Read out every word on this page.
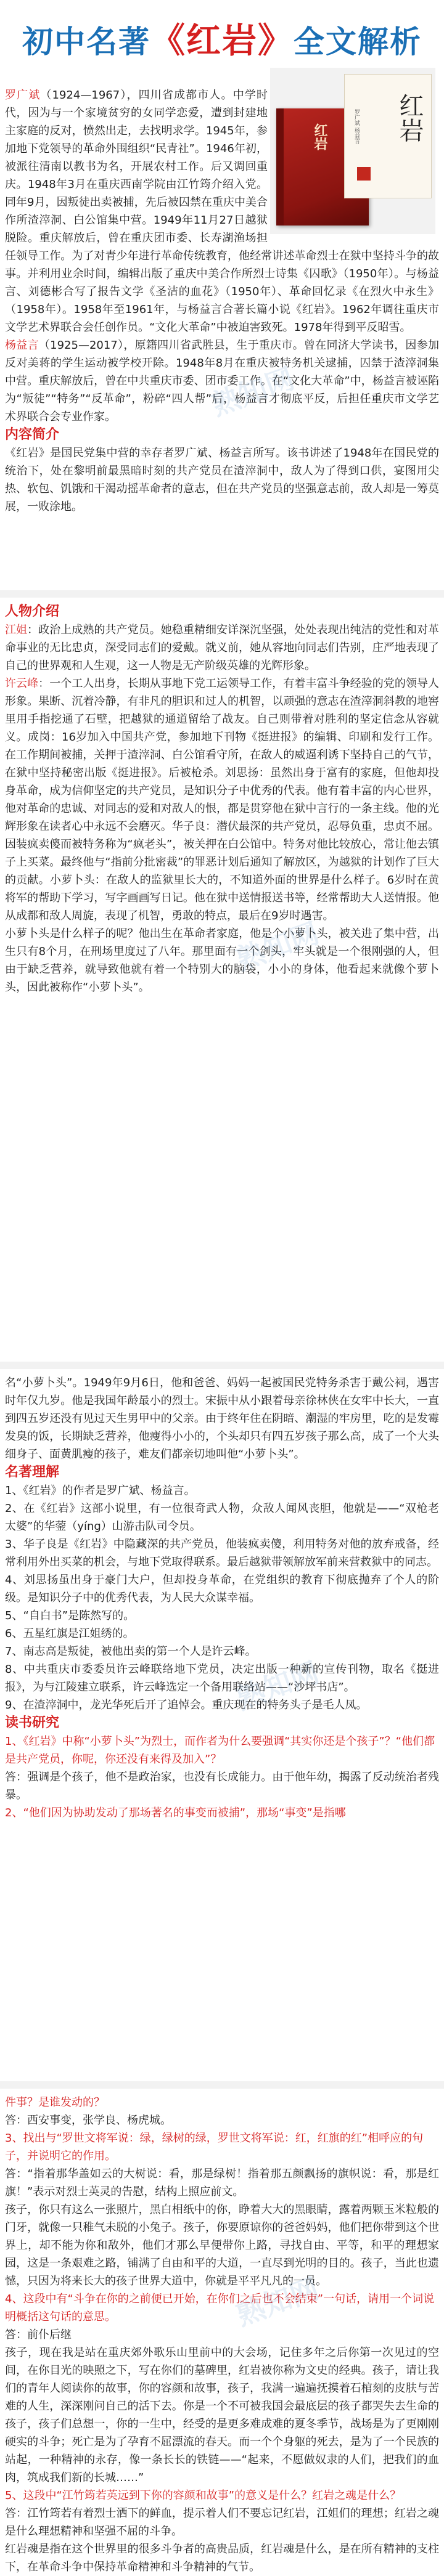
初中名著《红岩》全文解析
红岩	罗广斌 杨益言	红岩

罗广斌（1924—1967），四川省成都市人。中学时代，因为与一个家境贫穷的女同学恋爱，遭到封建地主家庭的反对，愤然出走，去找明求学。1945年，参加地下党领导的革命外围组织“民青社”。1946年初，被派往清南以教书为名，开展农村工作。后又调回重庆。1948年3月在重庆西南学院由江竹筠介绍入党。同年9月，因叛徒出卖被捕，先后被囚禁在重庆中美合作所渣滓洞、白公馆集中营。1949年11月27日越狱脱险。重庆解放后，曾在重庆团市委、长寿湖渔场担任领导工作。为了对青少年进行革命传统教育，他经常讲述革命烈士在狱中坚持斗争的故事。并利用业余时间，编辑出版了重庆中美合作所烈士诗集《囚歌》（1950年）。与杨益言、刘德彬合写了报告文学《圣洁的血花》（1950年）、革命回忆录《在烈火中永生》（1958年）。1958年至1961年，与杨益言合著长篇小说《红岩》。1962年调往重庆市文学艺术界联合会任创作员。“文化大革命”中被迫害致死。1978年得到平反昭雪。

杨益言（1925—2017），原籍四川省武胜县，生于重庆市。曾在同济大学读书，因参加反对美蒋的学生运动被学校开除。1948年8月在重庆被特务机关逮捕，囚禁于渣滓洞集中营。重庆解放后，曾在中共重庆市委、团市委工作。在“文化大革命”中，杨益言被诬陷为“叛徒”“特务”“反革命”，粉碎“四人帮”后，杨益言才彻底平反，后担任重庆市文学艺术界联合会专业作家。

内容简介

《红岩》是国民党集中营的幸存者罗广斌、杨益言所写。该书讲述了1948年在国民党的统治下，处在黎明前最黑暗时刻的共产党员在渣滓洞中，敌人为了得到口供，宴图用尖热、软包、饥饿和干渴动摇革命者的意志，但在共产党员的坚强意志前，敌人却是一筹莫展，一败涂地。

人物介绍

江姐：政治上成熟的共产党员。她稳重精细安详深沉坚强，处处表现出纯洁的党性和对革命事业的无比忠贞，深受同志们的爱戴。就义前，她从容地向同志们告别，庄严地表现了自己的世界观和人生观，这一人物是无产阶级英雄的光辉形象。

许云峰：一个工人出身，长期从事地下党工运领导工作，有着丰富斗争经验的党的领导人形象。果断、沉着冷静，有非凡的胆识和过人的机智，以顽强的意志在渣滓洞斜教的地窖里用手指挖通了石壁，把越狱的通道留给了战友。自己则带着对胜利的坚定信念从容就义。成岗：16岁加入中国共产党，参加地下刊物《挺进报》的编辑、印刷和发行工作。在工作期间被捕，关押于渣滓洞、白公馆看守所，在敌人的威逼利诱下坚持自己的气节，在狱中坚持秘密出版《挺进报》。后被枪杀。刘思扬：虽然出身于富有的家庭，但他却投身革命，成为信仰坚定的共产党员，是知识分子中优秀的代表。他有着丰富的内心世界，他对革命的忠诚、对同志的爱和对敌人的恨，都是贯穿他在狱中言行的一条主线。他的光辉形象在读者心中永远不会磨灭。华子良：潜伏最深的共产党员，忍辱负重，忠贞不屈。因装疯卖傻而被特务称为“疯老头”，被关押在白公馆中。特务对他比较放心，常让他去镇子上买菜。最终他与“指前分批密裁”的罪恶计划后通知了解放区，为越狱的计划作了巨大的贡献。小萝卜头：在敌人的监狱里长大的，不知道外面的世界是什么样子。6岁时在黄将军的帮助下学习，写字画画写日记。他在狱中送情报送书等，经常帮助大人送情报。他从成都和敌人周旋，表现了机智，勇敢的特点，最后在9岁时遇害。

小萝卜头是什么样子的呢？他出生在革命者家庭，他是个小萝卜头，被关进了集中营，出生只有8个月，在刑场里度过了八年。那里面有一个剑头，牢头就是一个很刚强的人，但由于缺乏营养，就导致他就有着一个特别大的脑袋，小小的身体，他看起来就像个萝卜头，因此被称作“小萝卜头”。

名“小萝卜头”。1949年9月6日，他和爸爸、妈妈一起被国民党特务杀害于戴公祠，遇害时年仅九岁。他是我国年龄最小的烈士。宋振中从小跟着母亲徐林侠在女牢中长大，一直到四五岁还没有见过天生男甲中的父亲。由于终年住在阴暗、潮湿的牢房里，吃的是发霉发臭的饭，长期缺乏营养，他瘦得小小的，个头却只有四五岁孩子那么高，成了一个大头细身子、面黄肌瘦的孩子，难友们都亲切地叫他“小萝卜头”。

名著理解

1、《红岩》的作者是罗广斌、杨益言。

2、在《红岩》这部小说里，有一位很奇武人物，众敌人闻风丧胆，他就是——“双枪老太婆”的华蓥（yíng）山游击队司令员。

3、华子良是《红岩》中隐藏深的共产党员，他装疯卖傻，利用特务对他的放弃戒备，经常利用外出买菜的机会，与地下党取得联系。最后越狱带领解放军前来营救狱中的同志。

4、刘思扬虽出身于豪门大户，但却投身革命，在党组织的教育下彻底抛弃了个人的阶级。是知识分子中的优秀代表，为人民大众谋幸福。

5、“自白书”是陈然写的。

6、五星红旗是江姐绣的。

7、南志高是叛徒，被他出卖的第一个人是许云峰。

8、中共重庆市委委员许云峰联络地下党员，决定出版一种新的宣传刊物，取名《挺进报》，为与江陵建立联系，许云峰选定一个备用联络站——“沙坪书店”。

9、在渣滓洞中，龙光华死后开了追悼会。重庆现在的特务头子是毛人凤。

读书研究

1、《红岩》中称“小萝卜头”为烈士，而作者为什么要强调“其实你还是个孩子”？“他们都是共产党员，你呢，你还没有来得及加入”？

答：强调是个孩子，他不是政治家，也没有长成能力。由于他年幼，揭露了反动统治者残暴。

2、“他们因为协助发动了那场著名的事变而被捕”，那场“事变”是指哪

件事？是谁发动的？

答：西安事变，张学良、杨虎城。

3、找出与“罗世文将军说：绿，绿树的绿，罗世文将军说：红，红旗的红”相呼应的句子，并说明它的作用。

答：“指着那华盖如云的大树说：看，那是绿树！指着那五颜飘扬的旗帜说：看，那是红旗！”表示对烈士英灵的告慰，结构上照应前文。

孩子，你只有这么一张照片，黑白相纸中的你，睁着大大的黑眼睛，露着两颗玉米粒般的门牙，就像一只稚气未脱的小兔子。孩子，你要原谅你的爸爸妈妈，他们把你带到这个世界上，却不能为你和敌外，他们才那么早便带你上路，寻找自由、平等，和平的理想家园，这是一条艰难之路，铺满了自由和平的大道，一直尽到光明的目的。孩子，当此也遗憾，只因为将来长大的孩子世界大道中，你就是平平凡凡的一员。

4、这段中有“斗争在你的之前便已开始，在你们之后也不会结束”一句话，请用一个词说明概括这句话的意思。

答：前仆后继

孩子，现在我是站在重庆郊外歌乐山里前中的大会场，记住多年之后你第一次见过的空间，在你目光的映照之下，写在你们的墓碑里，红岩被你称为文史的经典。孩子，请让我们的青年人阅读你的故事，你的容颜和故事，孩子，我满一遍遍抚摸着石棺刻的皮肤与苦难的人生，深深刚问自己的活下去。你是一个不可被我国会最底层的孩子都哭失去生命的孩子，孩子们总想一，你的一生中，经受的是更多难成难的夏冬季节，战场是为了更刚刚硬实的斗争；死亡是为了孕育不屈漂流的春天。而一个个身躯的死去，是为了一个民族的站起，一种精神的永存，像一条长长的铁链——“起来，不愿做奴隶的人们，把我们的血肉，筑成我们新的长城……”

5、这段中“江竹筠若英远到下你的容颜和故事”的意义是什么？红岩之魂是什么？

答：江竹筠若有着烈士洒下的鲜血，提示着人们不要忘记红岩，江姐们的理想；红岩之魂是什么理想精神和坚强不屈的斗争。

红岩魂是指在这个世界里的很多斗争者的高贵品质，红岩魂是什么，是在所有精神的支柱下，在革命斗争中保持革命精神和斗争精神的气节。

熟知网
熟知网
熟知网
熟知网
